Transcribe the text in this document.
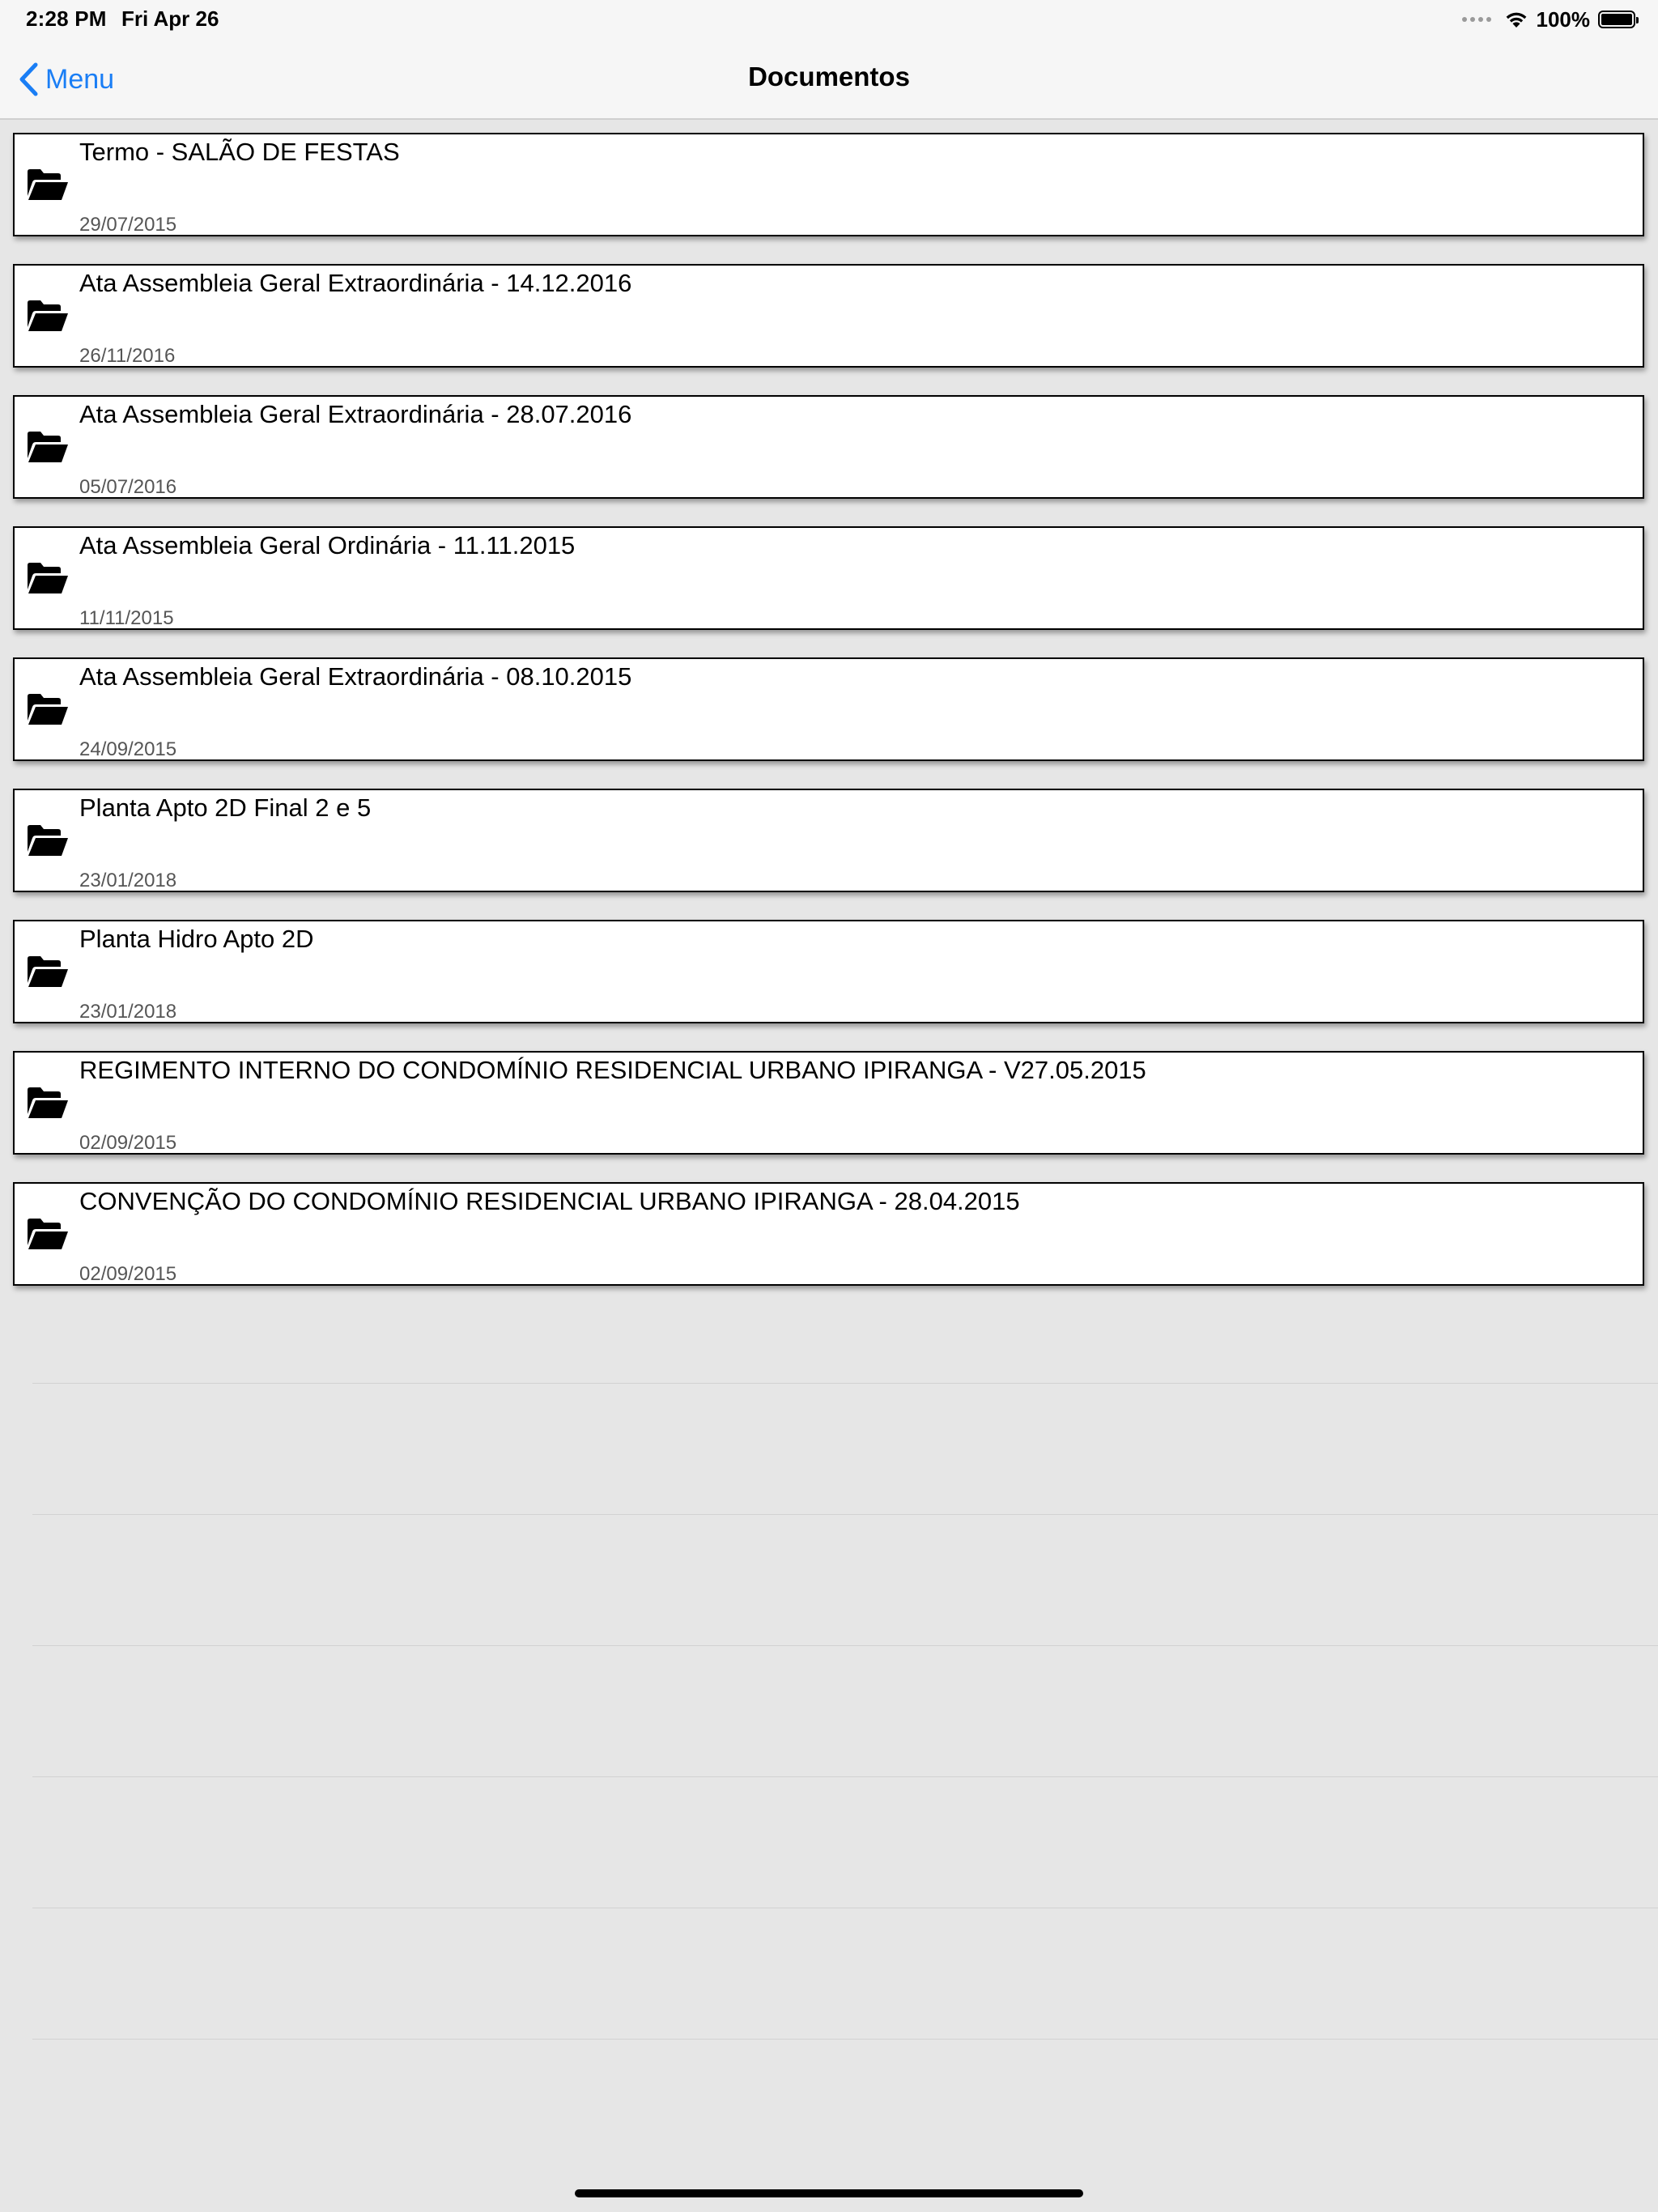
2:28 PM Fri Apr 26	100%
Menu	Documentos
Termo - SALÃO DE FESTAS
29/07/2015
Ata Assembleia Geral Extraordinária - 14.12.2016
26/11/2016
Ata Assembleia Geral Extraordinária - 28.07.2016
05/07/2016
Ata Assembleia Geral Ordinária - 11.11.2015
11/11/2015
Ata Assembleia Geral Extraordinária - 08.10.2015
24/09/2015
Planta Apto 2D Final 2 e 5
23/01/2018
Planta Hidro Apto 2D
23/01/2018
REGIMENTO INTERNO DO CONDOMÍNIO RESIDENCIAL URBANO IPIRANGA - V27.05.2015
02/09/2015
CONVENÇÃO DO CONDOMÍNIO RESIDENCIAL URBANO IPIRANGA - 28.04.2015
02/09/2015
